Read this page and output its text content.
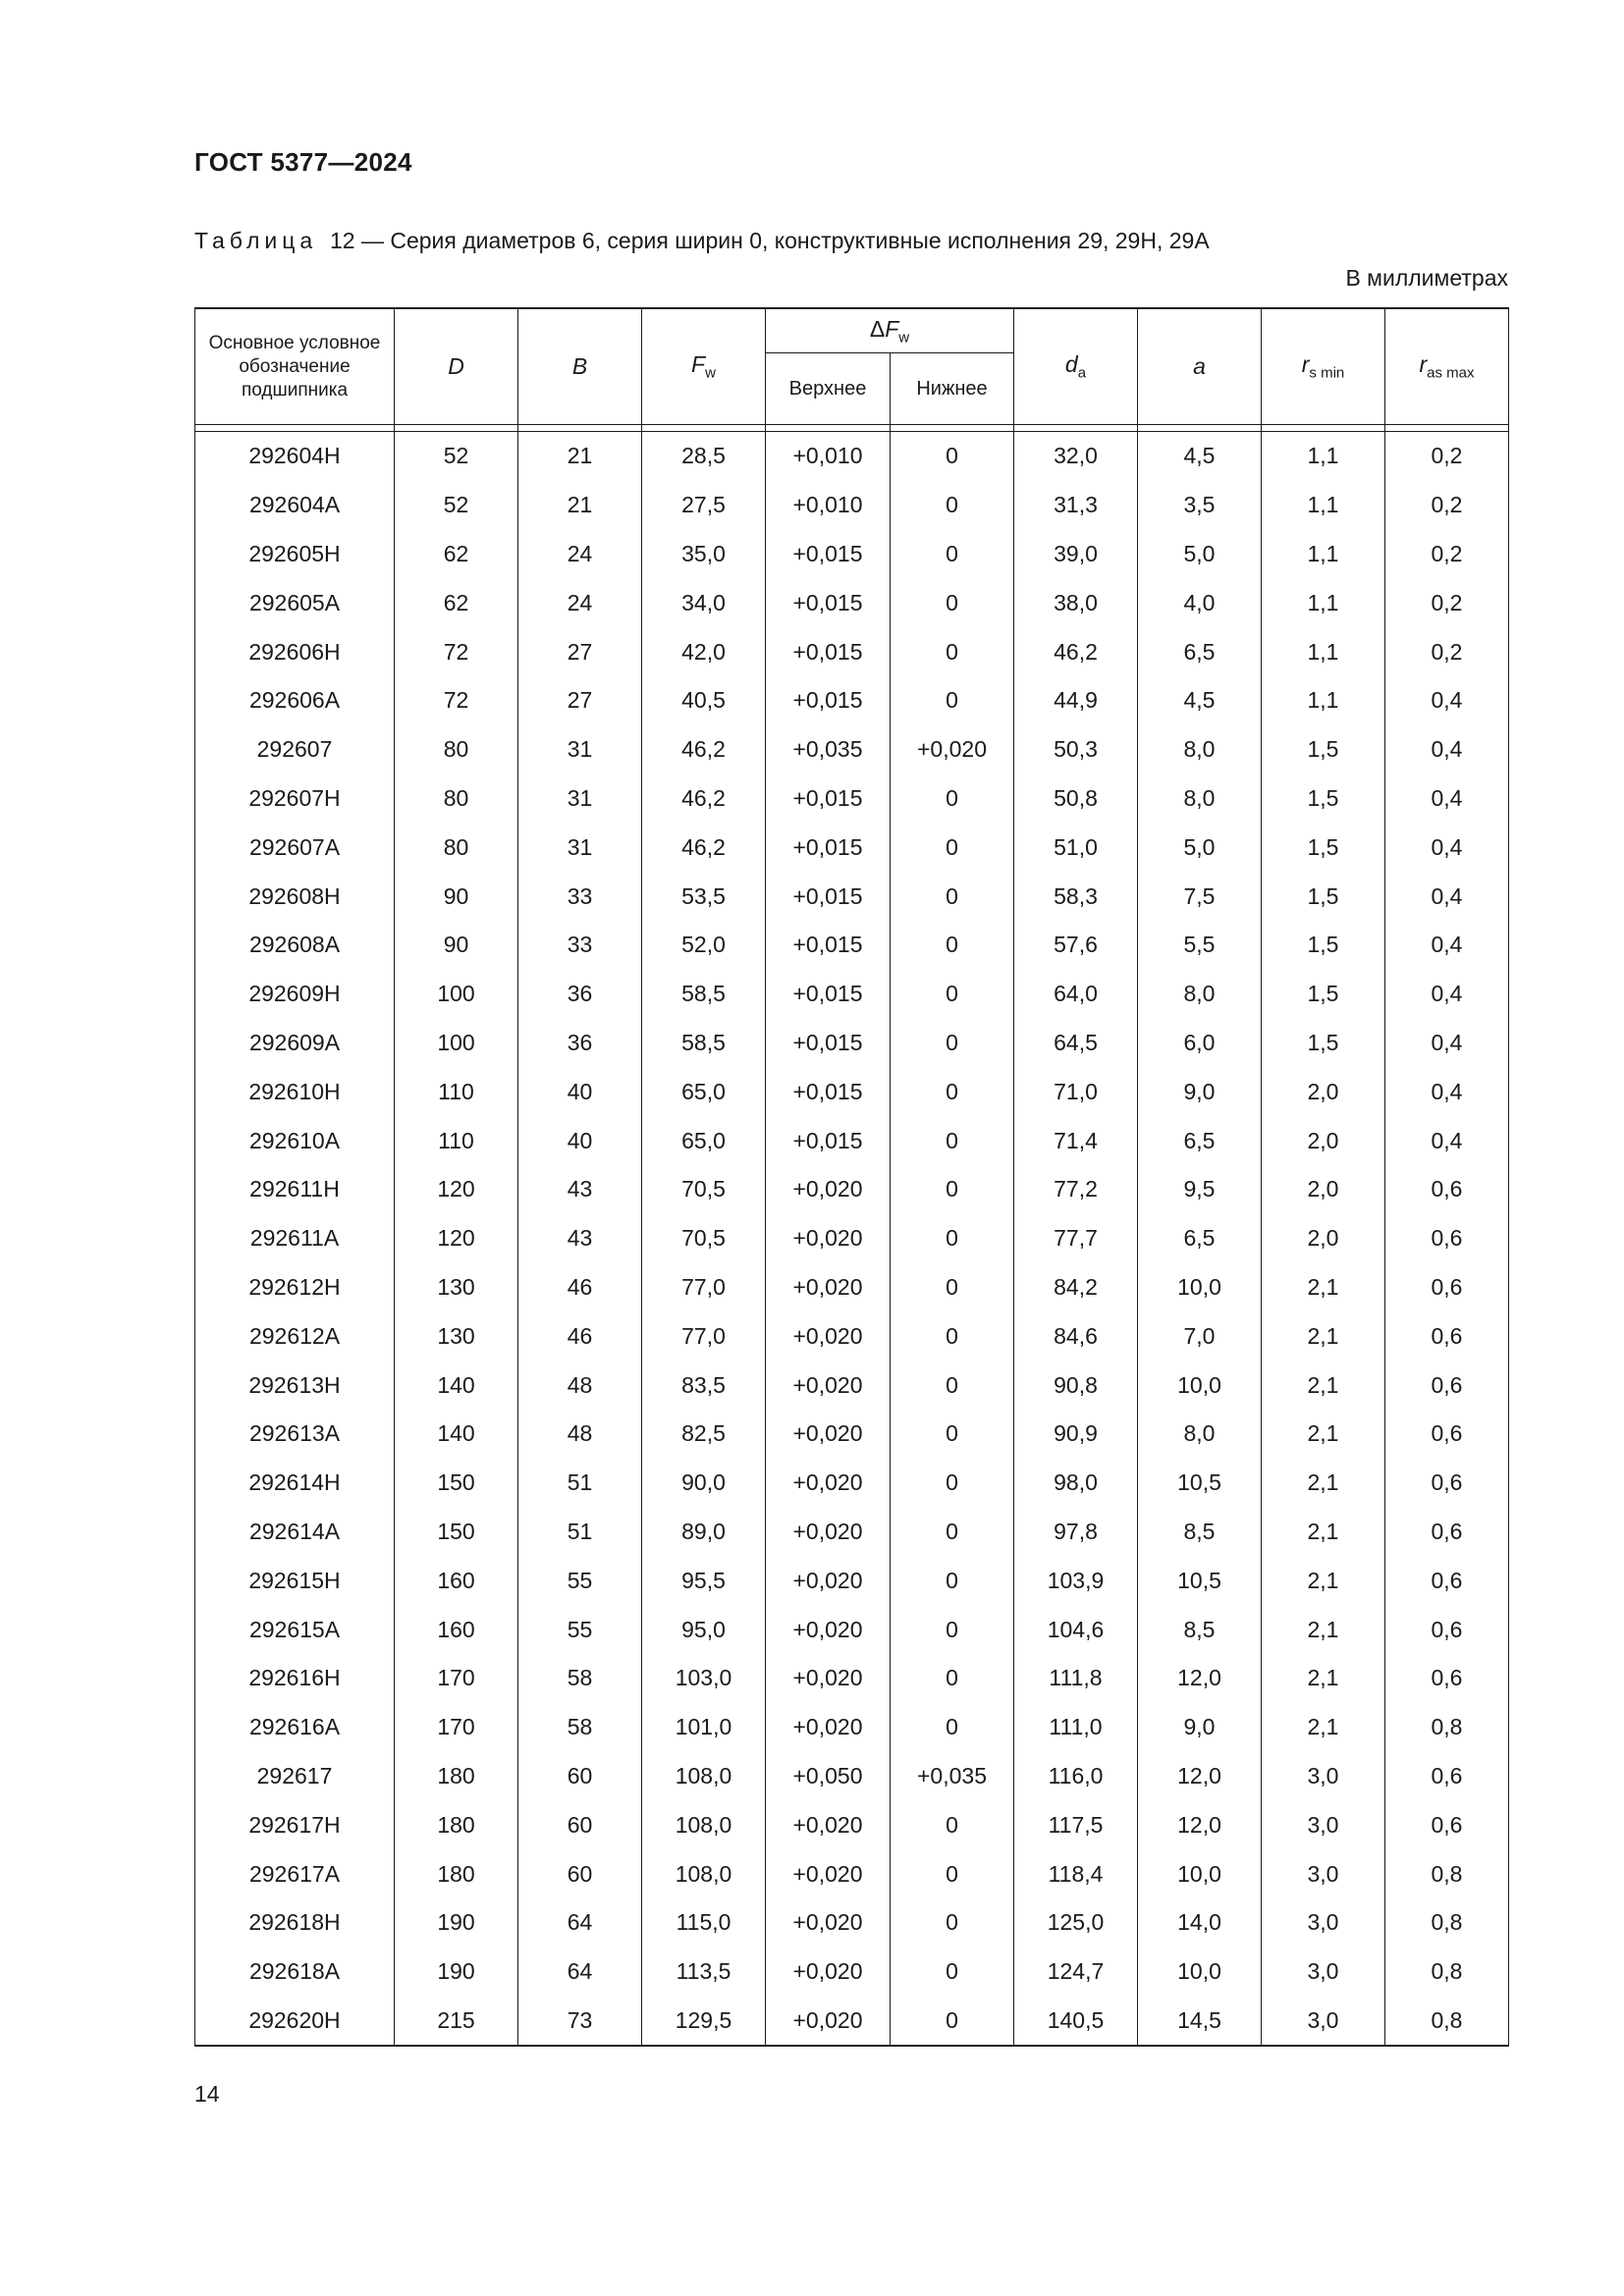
ГОСТ 5377—2024
Таблица 12 — Серия диаметров 6, серия ширин 0, конструктивные исполнения 29, 29Н, 29А
В миллиметрах
Основное условное обозначение подшипника	D	B	$F_w$	$\Delta F_w$		$d_a$	a	$r_{s min}$	$r_{as max}$
				Верхнее	Нижнее				

292604Н	52	21	28,5	+0,010	0	32,0	4,5	1,1	0,2
292604А	52	21	27,5	+0,010	0	31,3	3,5	1,1	0,2
292605Н	62	24	35,0	+0,015	0	39,0	5,0	1,1	0,2
292605А	62	24	34,0	+0,015	0	38,0	4,0	1,1	0,2
292606Н	72	27	42,0	+0,015	0	46,2	6,5	1,1	0,2
292606А	72	27	40,5	+0,015	0	44,9	4,5	1,1	0,4
292607	80	31	46,2	+0,035	+0,020	50,3	8,0	1,5	0,4
292607Н	80	31	46,2	+0,015	0	50,8	8,0	1,5	0,4
292607А	80	31	46,2	+0,015	0	51,0	5,0	1,5	0,4
292608Н	90	33	53,5	+0,015	0	58,3	7,5	1,5	0,4
292608А	90	33	52,0	+0,015	0	57,6	5,5	1,5	0,4
292609Н	100	36	58,5	+0,015	0	64,0	8,0	1,5	0,4
292609А	100	36	58,5	+0,015	0	64,5	6,0	1,5	0,4
292610Н	110	40	65,0	+0,015	0	71,0	9,0	2,0	0,4
292610А	110	40	65,0	+0,015	0	71,4	6,5	2,0	0,4
292611Н	120	43	70,5	+0,020	0	77,2	9,5	2,0	0,6
292611А	120	43	70,5	+0,020	0	77,7	6,5	2,0	0,6
292612Н	130	46	77,0	+0,020	0	84,2	10,0	2,1	0,6
292612А	130	46	77,0	+0,020	0	84,6	7,0	2,1	0,6
292613Н	140	48	83,5	+0,020	0	90,8	10,0	2,1	0,6
292613А	140	48	82,5	+0,020	0	90,9	8,0	2,1	0,6
292614Н	150	51	90,0	+0,020	0	98,0	10,5	2,1	0,6
292614А	150	51	89,0	+0,020	0	97,8	8,5	2,1	0,6
292615Н	160	55	95,5	+0,020	0	103,9	10,5	2,1	0,6
292615А	160	55	95,0	+0,020	0	104,6	8,5	2,1	0,6
292616Н	170	58	103,0	+0,020	0	111,8	12,0	2,1	0,6
292616А	170	58	101,0	+0,020	0	111,0	9,0	2,1	0,8
292617	180	60	108,0	+0,050	+0,035	116,0	12,0	3,0	0,6
292617Н	180	60	108,0	+0,020	0	117,5	12,0	3,0	0,6
292617А	180	60	108,0	+0,020	0	118,4	10,0	3,0	0,8
292618Н	190	64	115,0	+0,020	0	125,0	14,0	3,0	0,8
292618А	190	64	113,5	+0,020	0	124,7	10,0	3,0	0,8
292620Н	215	73	129,5	+0,020	0	140,5	14,5	3,0	0,8
14
